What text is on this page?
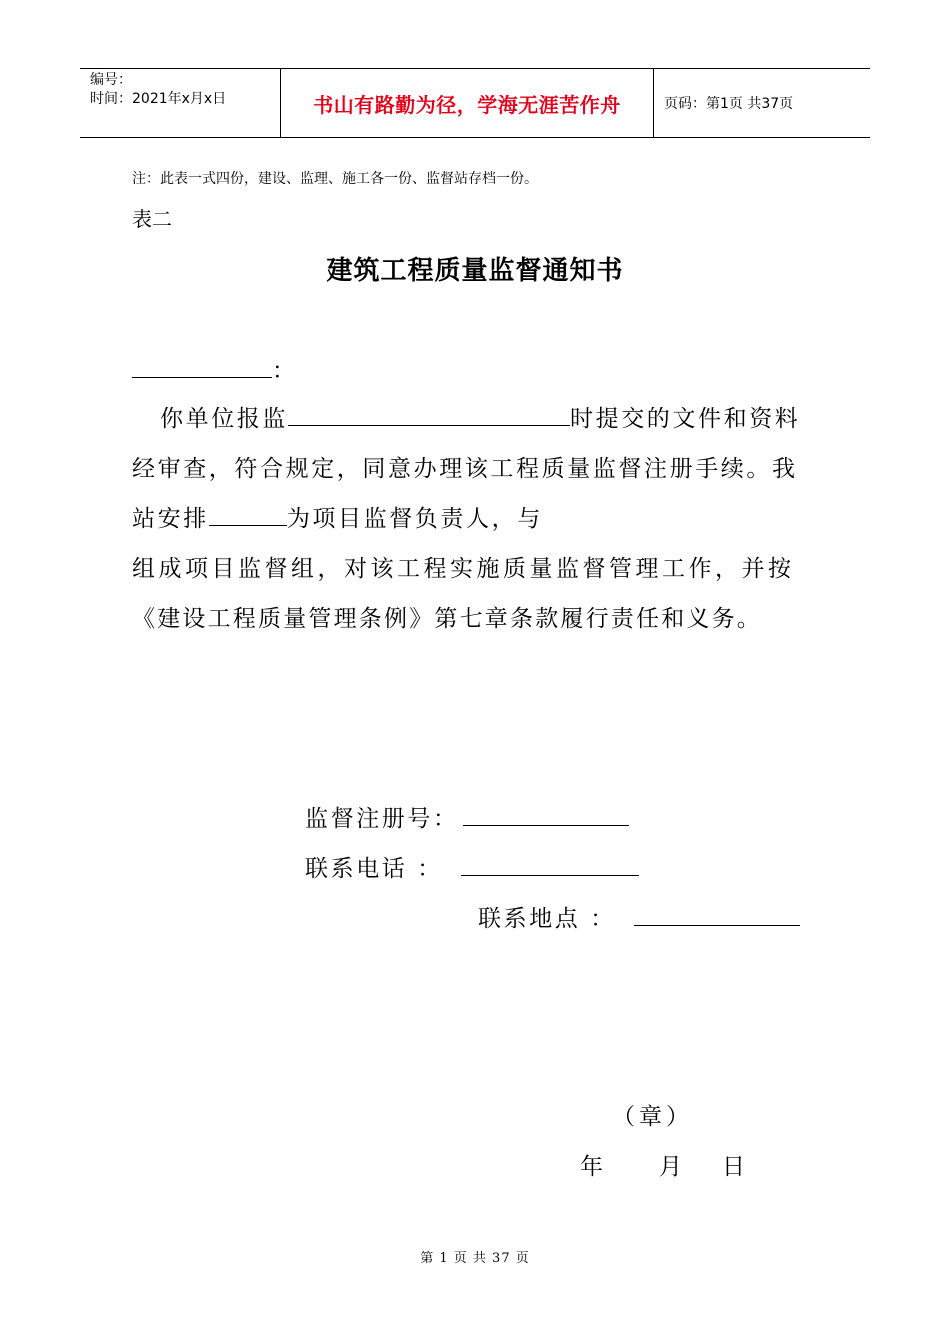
编号：
时间：2021年x月x日	书山有路勤为径，学海无涯苦作舟	页码：第1页 共37页
注：此表一式四份，建设、监理、施工各一份、监督站存档一份。
表二
建筑工程质量监督通知书
：
你单位报监	时提交的文件和资料
经审查，符合规定，同意办理该工程质量监督注册手续。我
站安排	为项目监督负责人，与
组成项目监督组，对该工程实施质量监督管理工作，并按
《建设工程质量管理条例》第七章条款履行责任和义务。
监督注册号：
联系电话 ：
联系地点 ：
（章）
年 月 日
第 1 页 共 37 页
